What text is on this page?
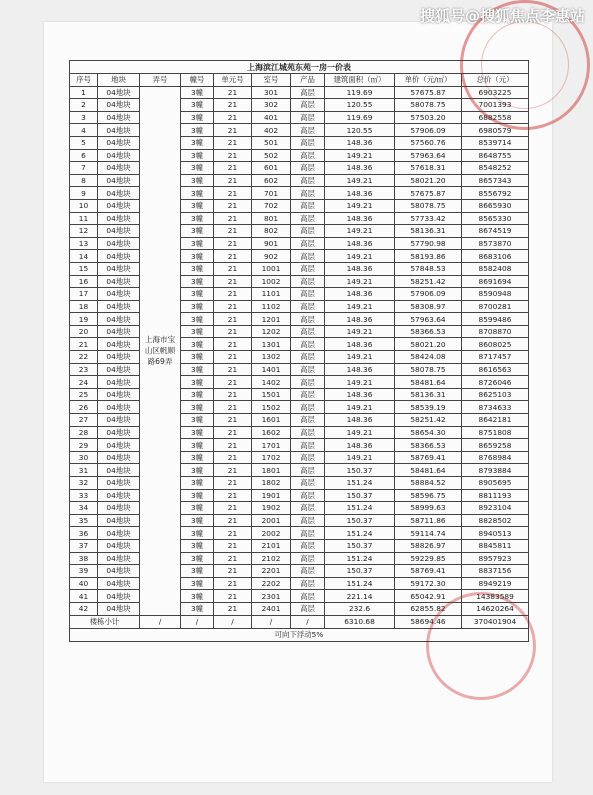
搜狐号@搜狐焦点李惠站
上海滨江城苑东苑一房一价表									
序号	地块	弄号	幢号	单元号	室号	产品	建筑面积（㎡）	单价（元/㎡）	总价（元）
1	04地块	上海市宝山区帆顺路69弄	3幢	21	301	高层	119.69	57675.87	6903225
2	04地块		3幢	21	302	高层	120.55	58078.75	7001393
3	04地块		3幢	21	401	高层	119.69	57503.20	6882558
4	04地块		3幢	21	402	高层	120.55	57906.09	6980579
5	04地块		3幢	21	501	高层	148.36	57560.76	8539714
6	04地块		3幢	21	502	高层	149.21	57963.64	8648755
7	04地块		3幢	21	601	高层	148.36	57618.31	8548252
8	04地块		3幢	21	602	高层	149.21	58021.20	8657343
9	04地块		3幢	21	701	高层	148.36	57675.87	8556792
10	04地块		3幢	21	702	高层	149.21	58078.75	8665930
11	04地块		3幢	21	801	高层	148.36	57733.42	8565330
12	04地块		3幢	21	802	高层	149.21	58136.31	8674519
13	04地块		3幢	21	901	高层	148.36	57790.98	8573870
14	04地块		3幢	21	902	高层	149.21	58193.86	8683106
15	04地块		3幢	21	1001	高层	148.36	57848.53	8582408
16	04地块		3幢	21	1002	高层	149.21	58251.42	8691694
17	04地块		3幢	21	1101	高层	148.36	57906.09	8590948
18	04地块		3幢	21	1102	高层	149.21	58308.97	8700281
19	04地块		3幢	21	1201	高层	148.36	57963.64	8599486
20	04地块		3幢	21	1202	高层	149.21	58366.53	8708870
21	04地块		3幢	21	1301	高层	148.36	58021.20	8608025
22	04地块		3幢	21	1302	高层	149.21	58424.08	8717457
23	04地块		3幢	21	1401	高层	148.36	58078.75	8616563
24	04地块		3幢	21	1402	高层	149.21	58481.64	8726046
25	04地块		3幢	21	1501	高层	148.36	58136.31	8625103
26	04地块		3幢	21	1502	高层	149.21	58539.19	8734633
27	04地块		3幢	21	1601	高层	148.36	58251.42	8642181
28	04地块		3幢	21	1602	高层	149.21	58654.30	8751808
29	04地块		3幢	21	1701	高层	148.36	58366.53	8659258
30	04地块		3幢	21	1702	高层	149.21	58769.41	8768984
31	04地块		3幢	21	1801	高层	150.37	58481.64	8793884
32	04地块		3幢	21	1802	高层	151.24	58884.52	8905695
33	04地块		3幢	21	1901	高层	150.37	58596.75	8811193
34	04地块		3幢	21	1902	高层	151.24	58999.63	8923104
35	04地块		3幢	21	2001	高层	150.37	58711.86	8828502
36	04地块		3幢	21	2002	高层	151.24	59114.74	8940513
37	04地块		3幢	21	2101	高层	150.37	58826.97	8845811
38	04地块		3幢	21	2102	高层	151.24	59229.85	8957923
39	04地块		3幢	21	2201	高层	150.37	58769.41	8837156
40	04地块		3幢	21	2202	高层	151.24	59172.30	8949219
41	04地块		3幢	21	2301	高层	221.14	65042.91	14383589
42	04地块		3幢	21	2401	高层	232.6	62855.82	14620264
楼栋小计		/	/	/	/	/	6310.68	58694.46	370401904
可向下浮动5%									
